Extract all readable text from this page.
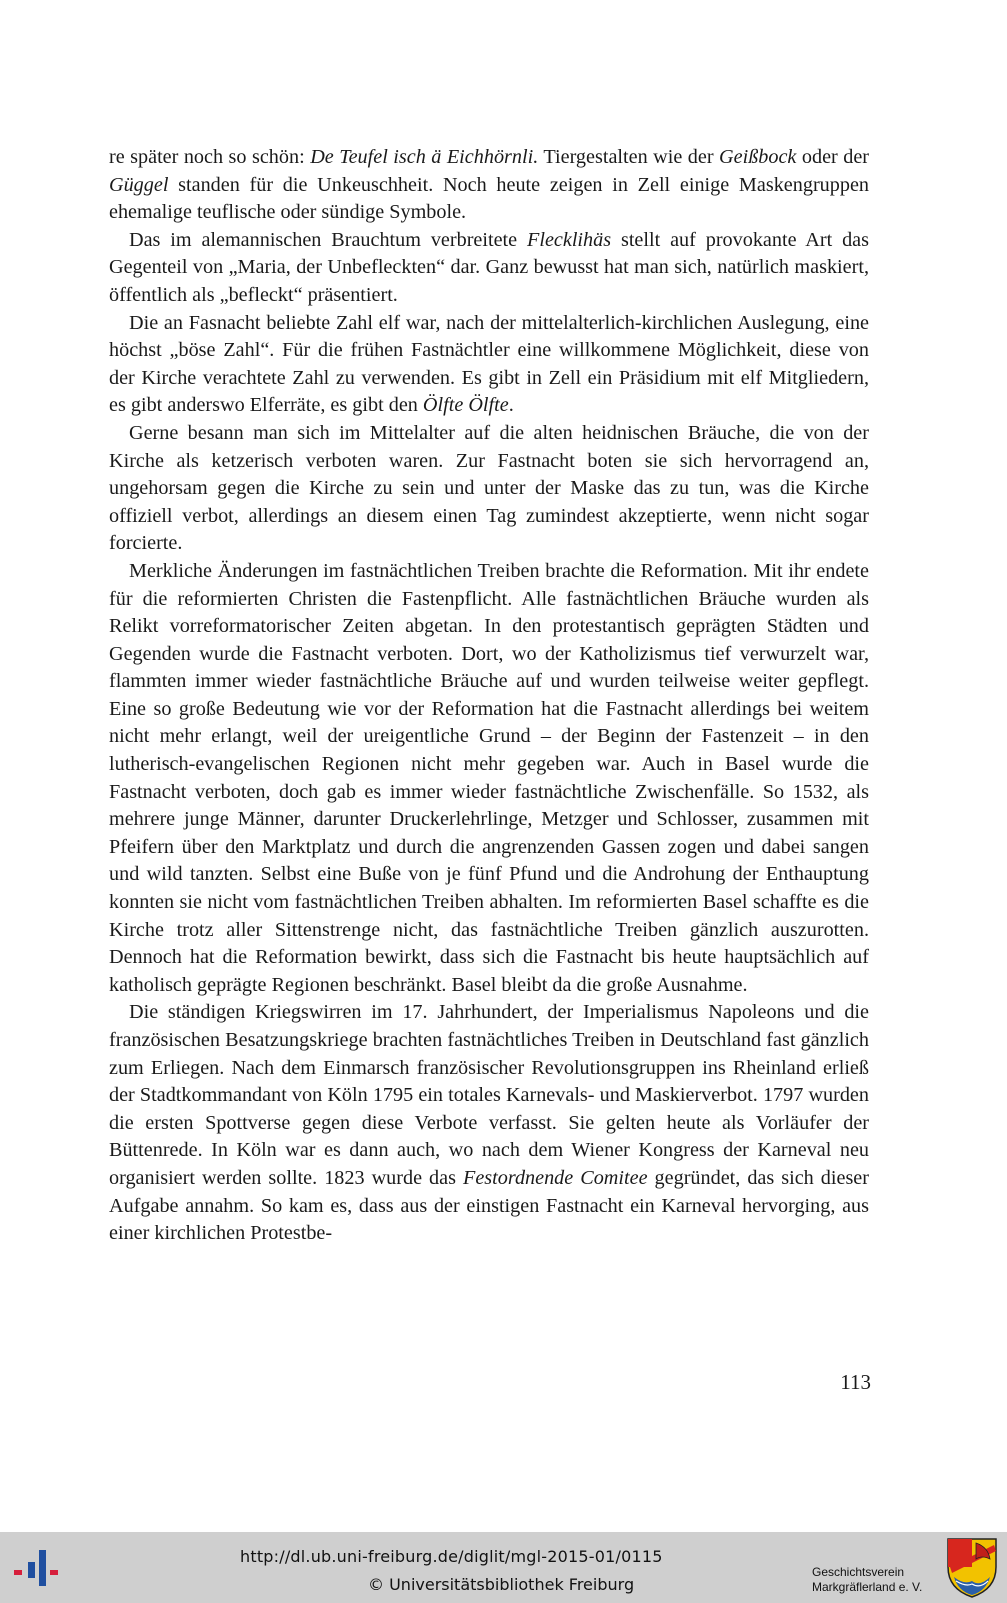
re später noch so schön: De Teufel isch ä Eichhörnli. Tiergestalten wie der Geißbock oder der Güggel standen für die Unkeuschheit. Noch heute zeigen in Zell einige Maskengruppen ehemalige teuflische oder sündige Symbole.

Das im alemannischen Brauchtum verbreitete Flecklihäs stellt auf provokante Art das Gegenteil von „Maria, der Unbefleckten“ dar. Ganz bewusst hat man sich, natürlich maskiert, öffentlich als „befleckt“ präsentiert.

Die an Fasnacht beliebte Zahl elf war, nach der mittelalterlich-kirchlichen Auslegung, eine höchst „böse Zahl“. Für die frühen Fastnächtler eine willkommene Möglichkeit, diese von der Kirche verachtete Zahl zu verwenden. Es gibt in Zell ein Präsidium mit elf Mitgliedern, es gibt anderswo Elferräte, es gibt den Ölfte Ölfte.

Gerne besann man sich im Mittelalter auf die alten heidnischen Bräuche, die von der Kirche als ketzerisch verboten waren. Zur Fastnacht boten sie sich hervorragend an, ungehorsam gegen die Kirche zu sein und unter der Maske das zu tun, was die Kirche offiziell verbot, allerdings an diesem einen Tag zumindest akzeptierte, wenn nicht sogar forcierte.

Merkliche Änderungen im fastnächtlichen Treiben brachte die Reformation. Mit ihr endete für die reformierten Christen die Fastenpflicht. Alle fastnächtlichen Bräuche wurden als Relikt vorreformatorischer Zeiten abgetan. In den protestantisch geprägten Städten und Gegenden wurde die Fastnacht verboten. Dort, wo der Katholizismus tief verwurzelt war, flammten immer wieder fastnächtliche Bräuche auf und wurden teilweise weiter gepflegt. Eine so große Bedeutung wie vor der Reformation hat die Fastnacht allerdings bei weitem nicht mehr erlangt, weil der ureigentliche Grund – der Beginn der Fastenzeit – in den lutherisch-evangelischen Regionen nicht mehr gegeben war. Auch in Basel wurde die Fastnacht verboten, doch gab es immer wieder fastnächtliche Zwischenfälle. So 1532, als mehrere junge Männer, darunter Druckerlehrlinge, Metzger und Schlosser, zusammen mit Pfeifern über den Marktplatz und durch die angrenzenden Gassen zogen und dabei sangen und wild tanzten. Selbst eine Buße von je fünf Pfund und die Androhung der Enthauptung konnten sie nicht vom fastnächtlichen Treiben abhalten. Im reformierten Basel schaffte es die Kirche trotz aller Sittenstrenge nicht, das fastnächtliche Treiben gänzlich auszurotten. Dennoch hat die Reformation bewirkt, dass sich die Fastnacht bis heute hauptsächlich auf katholisch geprägte Regionen beschränkt. Basel bleibt da die große Ausnahme.

Die ständigen Kriegswirren im 17. Jahrhundert, der Imperialismus Napoleons und die französischen Besatzungskriege brachten fastnächtliches Treiben in Deutschland fast gänzlich zum Erliegen. Nach dem Einmarsch französischer Revolutionsgruppen ins Rheinland erließ der Stadtkommandant von Köln 1795 ein totales Karnevals- und Maskierverbot. 1797 wurden die ersten Spottverse gegen diese Verbote verfasst. Sie gelten heute als Vorläufer der Büttenrede. In Köln war es dann auch, wo nach dem Wiener Kongress der Karneval neu organisiert werden sollte. 1823 wurde das Festordnende Comitee gegründet, das sich dieser Aufgabe annahm. So kam es, dass aus der einstigen Fastnacht ein Karneval hervorging, aus einer kirchlichen Protestbe-

113
http://dl.ub.uni-freiburg.de/diglit/mgl-2015-01/0115
© Universitätsbibliothek Freiburg
Geschichtsverein
Markgräflerland e. V.
